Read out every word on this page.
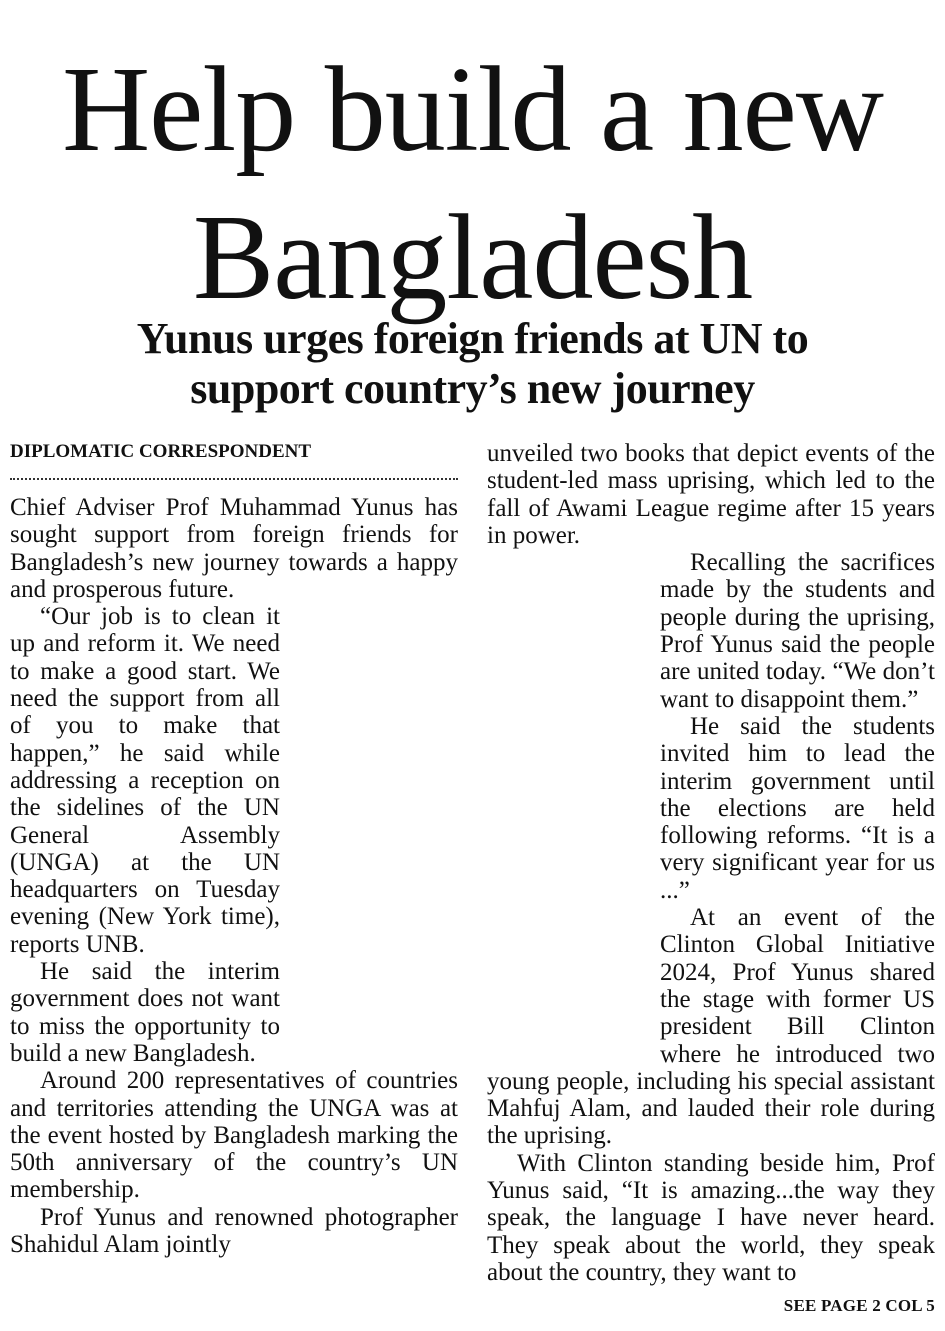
Help build a new
Bangladesh
Yunus urges foreign friends at UN to
support country’s new journey
DIPLOMATIC CORRESPONDENT

Chief Adviser Prof Muhammad Yunus has sought support from foreign friends for Bangladesh’s new journey towards a happy and prosperous future.

“Our job is to clean it up and reform it. We need to make a good start. We need the support from all of you to make that happen,” he said while addressing a reception on the sidelines of the UN General Assembly (UNGA) at the UN headquarters on Tuesday evening (New York time), reports UNB.

He said the interim government does not want to miss the opportunity to build a new Bangladesh.

Around 200 representatives of countries and territories attending the UNGA was at the event hosted by Bangladesh marking the 50th anniversary of the country’s UN membership.

Prof Yunus and renowned photographer Shahidul Alam jointly

unveiled two books that depict events of the student-led mass uprising, which led to the fall of Awami League regime after 15 years in power.

Recalling the sacrifices made by the students and people during the uprising, Prof Yunus said the people are united today. “We don’t want to disappoint them.”

He said the students invited him to lead the interim government until the elections are held following reforms. “It is a very significant year for us ...”

At an event of the Clinton Global Initiative 2024, Prof Yunus shared the stage with former US president Bill Clinton where he introduced two young people, including his special assistant Mahfuj Alam, and lauded their role during the uprising.

With Clinton standing beside him, Prof Yunus said, “It is amazing...the way they speak, the language I have never heard. They speak about the world, they speak about the country, they want to

SEE PAGE 2 COL 5
